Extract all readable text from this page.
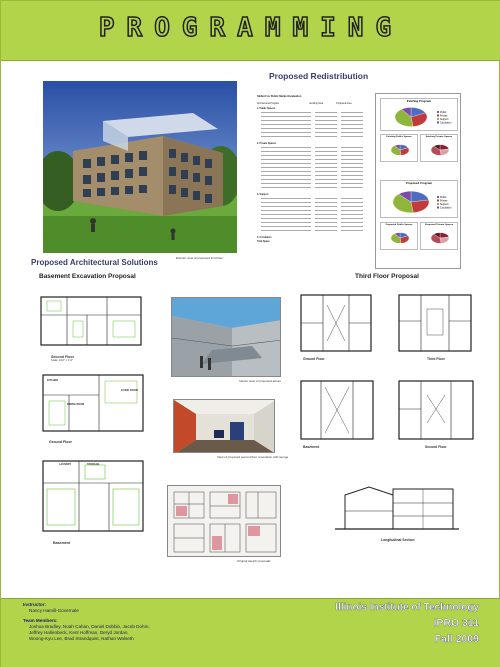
PROGRAMMING
Proposed Redistribution
Exterior view of proposed third floor
Skillet Fox Public Market Evaluation
Architectural Program	Existing Area	Proposed Area
1. Public Spaces
2. Private Spaces
3. Support
4. Circulation
Total Space
Existing Program
Public
Private
Support
Circulation
Existing Public Spaces	Existing Private Spaces
Proposed Program
Public
Private
Support
Circulation
Proposed Public Spaces	Proposed Private Spaces
Proposed Architectural Solutions
Basement Excavation Proposal	Third Floor Proposal
Second Floor
Scale: 1/16" = 1'-0"
KITCHEN
DINING ROOM
LIVING ROOM
Ground Floor
LAUNDRY	STORAGE
Basement
Interior view of proposed atrium
View of proposed second floor renovation with lounge
Original sketch proposals
Ground Floor	Third Floor
Basement	Second Floor
Longitudinal Section
Instructor:
Nancy Hamill-Governale
Team Members:
Joshua Bradley, Noah Cahan, Daniel Dobbin, Jacob Dohm,
Jeffrey Hallenbeck, Kent Hoffman, Deryd Jordan,
Woong-Kyu Lee, Brad Strandquist, Nathan Walseth
Illinois Institute of Technology
IPRO 311
Fall 2009
